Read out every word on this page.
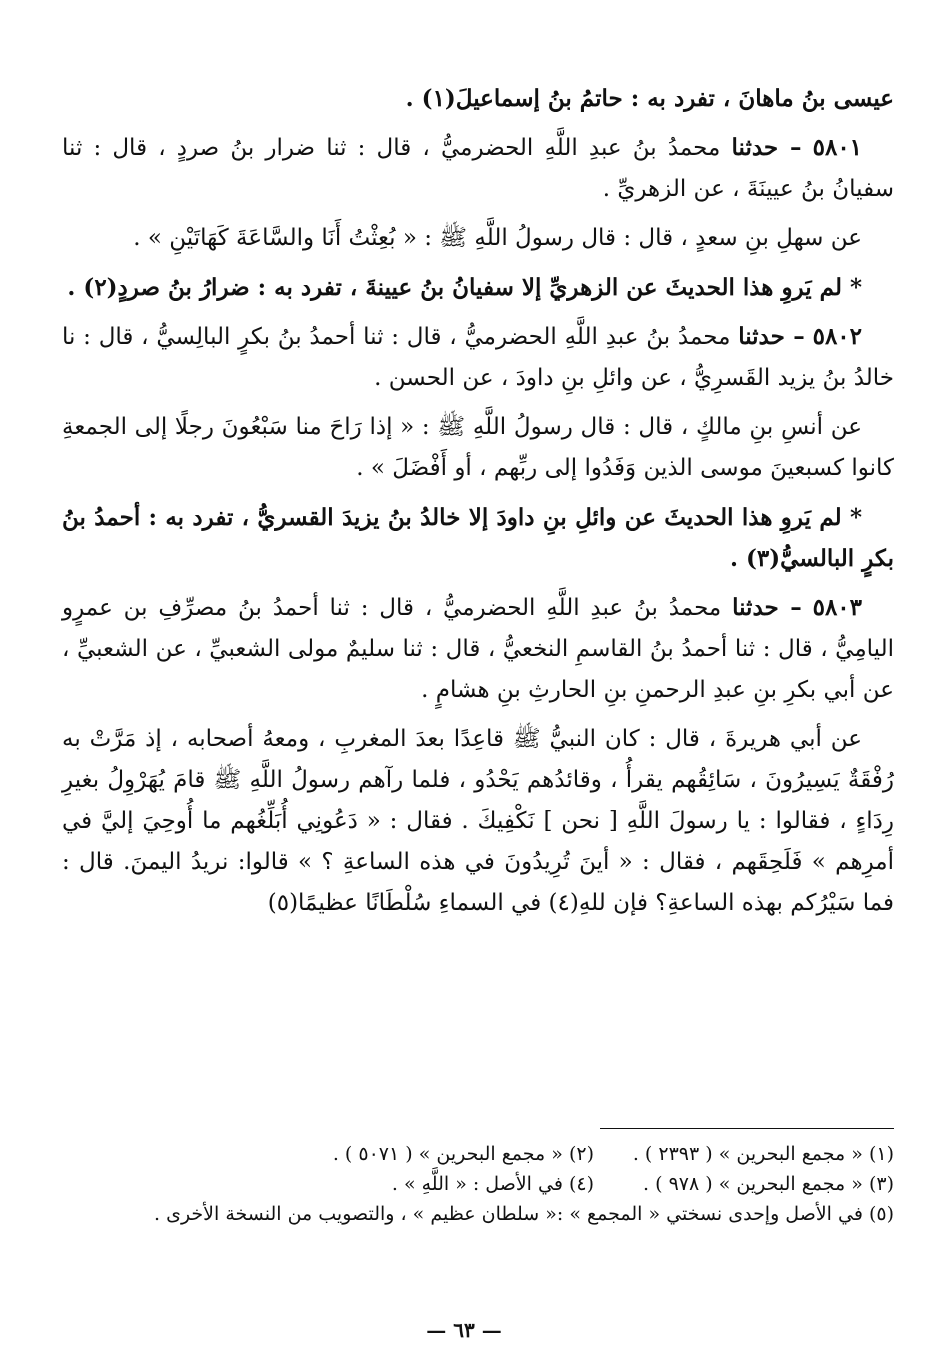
عيسى بنُ ماهانَ ، تفرد به : حاتمُ بنُ إسماعيلَ(١) .

٥٨٠١ – حدثنا محمدُ بنُ عبدِ اللَّهِ الحضرميُّ ، قال : ثنا ضرار بنُ صردٍ ، قال : ثنا سفيانُ بنُ عيينَةَ ، عن الزهريِّ .

عن سهلِ بنِ سعدٍ ، قال : قال رسولُ اللَّهِ ﷺ : « بُعِثْتُ أَنَا والسَّاعَةَ كَهَاتَيْنِ » .

* لم يَروِ هذا الحديثَ عن الزهريِّ إلا سفيانُ بنُ عيينةَ ، تفرد به : ضرارُ بنُ صردٍ(٢) .

٥٨٠٢ – حدثنا محمدُ بنُ عبدِ اللَّهِ الحضرميُّ ، قال : ثنا أحمدُ بنُ بكرٍ البالِسيُّ ، قال : نا خالدُ بنُ يزيد القَسرِيُّ ، عن وائلِ بنِ داودَ ، عن الحسن .

عن أنسِ بنِ مالكٍ ، قال : قال رسولُ اللَّهِ ﷺ : « إذا رَاحَ منا سَبْعُونَ رجلًا إلى الجمعةِ كانوا كسبعينَ موسى الذين وَفَدُوا إلى ربِّهم ، أو أَفْضَلَ » .

* لم يَروِ هذا الحديثَ عن وائلِ بنِ داودَ إلا خالدُ بنُ يزيدَ القسريُّ ، تفرد به : أحمدُ بنُ بكرٍ البالسيُّ(٣) .

٥٨٠٣ – حدثنا محمدُ بنُ عبدِ اللَّهِ الحضرميُّ ، قال : ثنا أحمدُ بنُ مصرِّفِ بن عمرٍو اليامِيُّ ، قال : ثنا أحمدُ بنُ القاسمِ النخعيُّ ، قال : ثنا سليمٌ مولى الشعبيِّ ، عن الشعبيِّ ، عن أبي بكرِ بنِ عبدِ الرحمنِ بنِ الحارثِ بنِ هشامٍ .

عن أبي هريرةَ ، قال : كان النبيُّ ﷺ قاعِدًا بعدَ المغربِ ، ومعهُ أصحابه ، إذ مَرَّتْ به رُفْقَةٌ يَسِيرُونَ ، سَائِقُهم يقرأُ ، وقائدُهم يَحْدُو ، فلما رآهم رسولُ اللَّهِ ﷺ قامَ يُهَرْوِلُ بغيرِ رِدَاءٍ ، فقالوا : يا رسولَ اللَّهِ [ نحن ] نَكْفِيكَ . فقال : « دَعُونِي أُبَلِّغُهم ما أُوحِيَ إليَّ في أمرِهم » فَلَحِقَهم ، فقال : « أينَ تُرِيدُونَ في هذه الساعةِ ؟ » قالوا: نريدُ اليمنَ. قال : فما سَيْرُكم بهذه الساعةِ؟ فإن للهِ(٤) في السماءِ سُلْطَانًا عظيمًا(٥)

(١) « مجمع البحرين » ( ٢٣٩٣ ) .
(٢) « مجمع البحرين » ( ٥٠٧١ ) .
(٣) « مجمع البحرين » ( ٩٧٨ ) .
(٤) في الأصل : « اللَّهِ » .
(٥) في الأصل وإحدى نسختي « المجمع » :« سلطان عظيم » ، والتصويب من النسخة الأخرى .
— ٦٣ —
